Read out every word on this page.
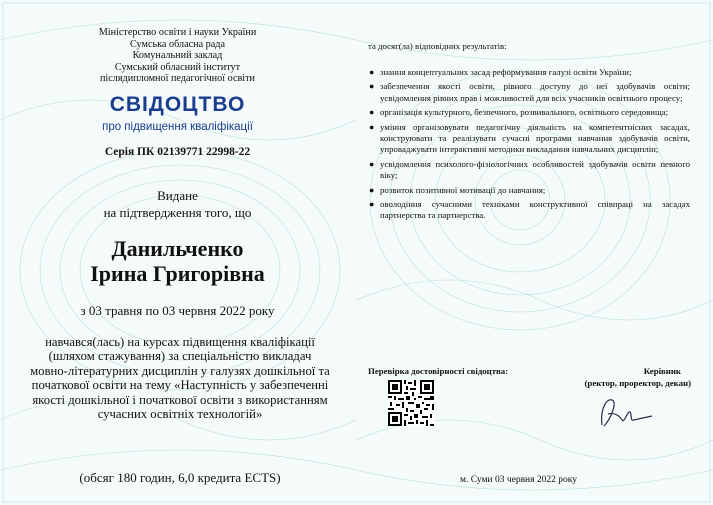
Міністерство освіти і науки України
Сумська обласна рада
Комунальний заклад
Сумський обласний інститут
післядипломної педагогічної освіти
СВІДОЦТВО
про підвищення кваліфікації
Серія ПК 02139771 22998-22
Видане
на підтвердження того, що
Данильченко
Ірина Григорівна
з 03 травня по 03 червня 2022 року
навчався(лась) на курсах підвищення кваліфікації (шляхом стажування) за спеціальністю викладач мовно-літературних дисциплін у галузях дошкільної та початкової освіти на тему «Наступність у забезпеченні якості дошкільної і початкової освіти з використанням сучасних освітніх технологій»
(обсяг 180 годин, 6,0 кредита ECTS)
та досяг(ла) відповідних результатів:
● знання концептуальних засад реформування галузі освіти України;
● забезпечення якості освіти, рівного доступу до неї здобувачів освіти; усвідомлення рівних прав і можливостей для всіх учасників освітнього процесу;
● організація культурного, безпечного, розвивального, освітнього середовища;
● уміння організовувати педагогічну діяльність на компетентнісних засадах, конструювати та реалізувати сучасні програми навчання здобувачів освіти, упроваджувати інтерактивні методики викладання навчальних дисциплін;
● усвідомлення психолого-фізіологічних особливостей здобувачів освіти певного віку;
● розвиток позитивної мотивації до навчання;
● оволодіння сучасними техніками конструктивної співпраці на засадах партнерства та партнерства.
Перевірка достовірності свідоцтва:	Керівник
(ректор, проректор, декан)
м. Суми 03 червня 2022 року
